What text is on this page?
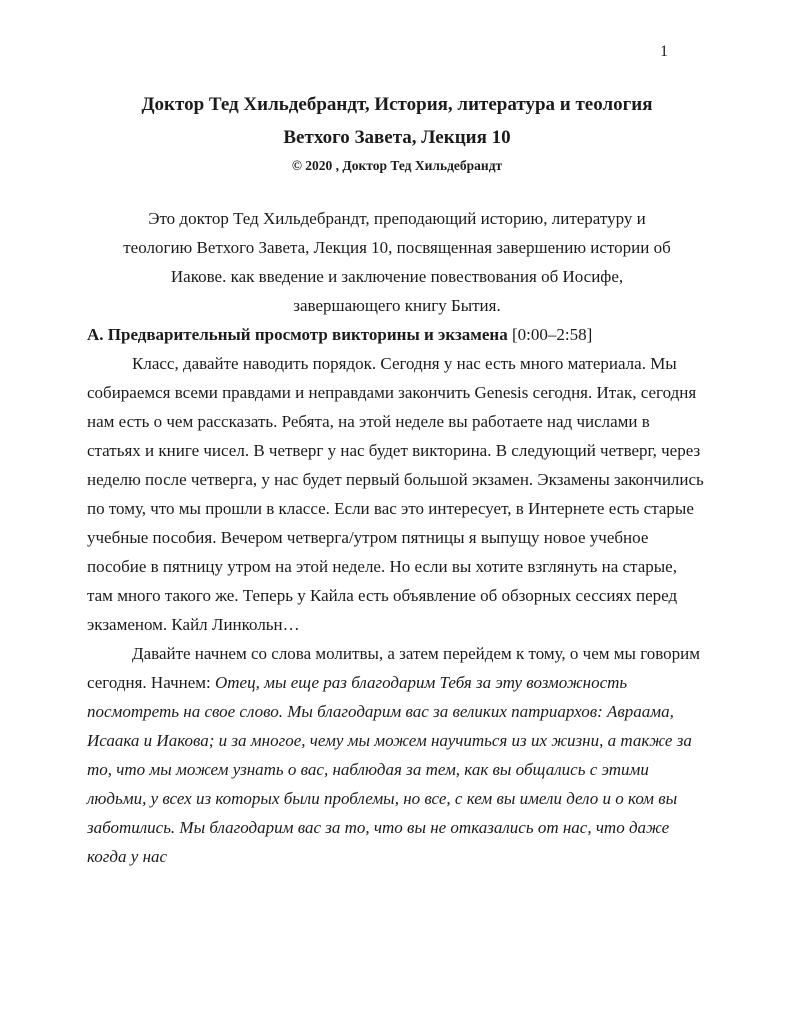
1
Доктор Тед Хильдебрандт, История, литература и теология
Ветхого Завета, Лекция 10
© 2020 , Доктор Тед Хильдебрандт
Это доктор Тед Хильдебрандт, преподающий историю, литературу и
теологию Ветхого Завета, Лекция 10, посвященная завершению истории об
Иакове. как введение и заключение повествования об Иосифе,
завершающего книгу Бытия.
А. Предварительный просмотр викторины и экзамена [0:00–2:58]

Класс, давайте наводить порядок. Сегодня у нас есть много материала. Мы собираемся всеми правдами и неправдами закончить Genesis сегодня. Итак, сегодня нам есть о чем рассказать. Ребята, на этой неделе вы работаете над числами в статьях и книге чисел. В четверг у нас будет викторина. В следующий четверг, через неделю после четверга, у нас будет первый большой экзамен. Экзамены закончились по тому, что мы прошли в классе. Если вас это интересует, в Интернете есть старые учебные пособия. Вечером четверга/утром пятницы я выпущу новое учебное пособие в пятницу утром на этой неделе. Но если вы хотите взглянуть на старые, там много такого же. Теперь у Кайла есть объявление об обзорных сессиях перед экзаменом. Кайл Линкольн…

Давайте начнем со слова молитвы, а затем перейдем к тому, о чем мы говорим сегодня. Начнем: Отец, мы еще раз благодарим Тебя за эту возможность посмотреть на свое слово. Мы благодарим вас за великих патриархов: Авраама, Исаака и Иакова; и за многое, чему мы можем научиться из их жизни, а также за то, что мы можем узнать о вас, наблюдая за тем, как вы общались с этими людьми, у всех из которых были проблемы, но все, с кем вы имели дело и о ком вы заботились. Мы благодарим вас за то, что вы не отказались от нас, что даже когда у нас
